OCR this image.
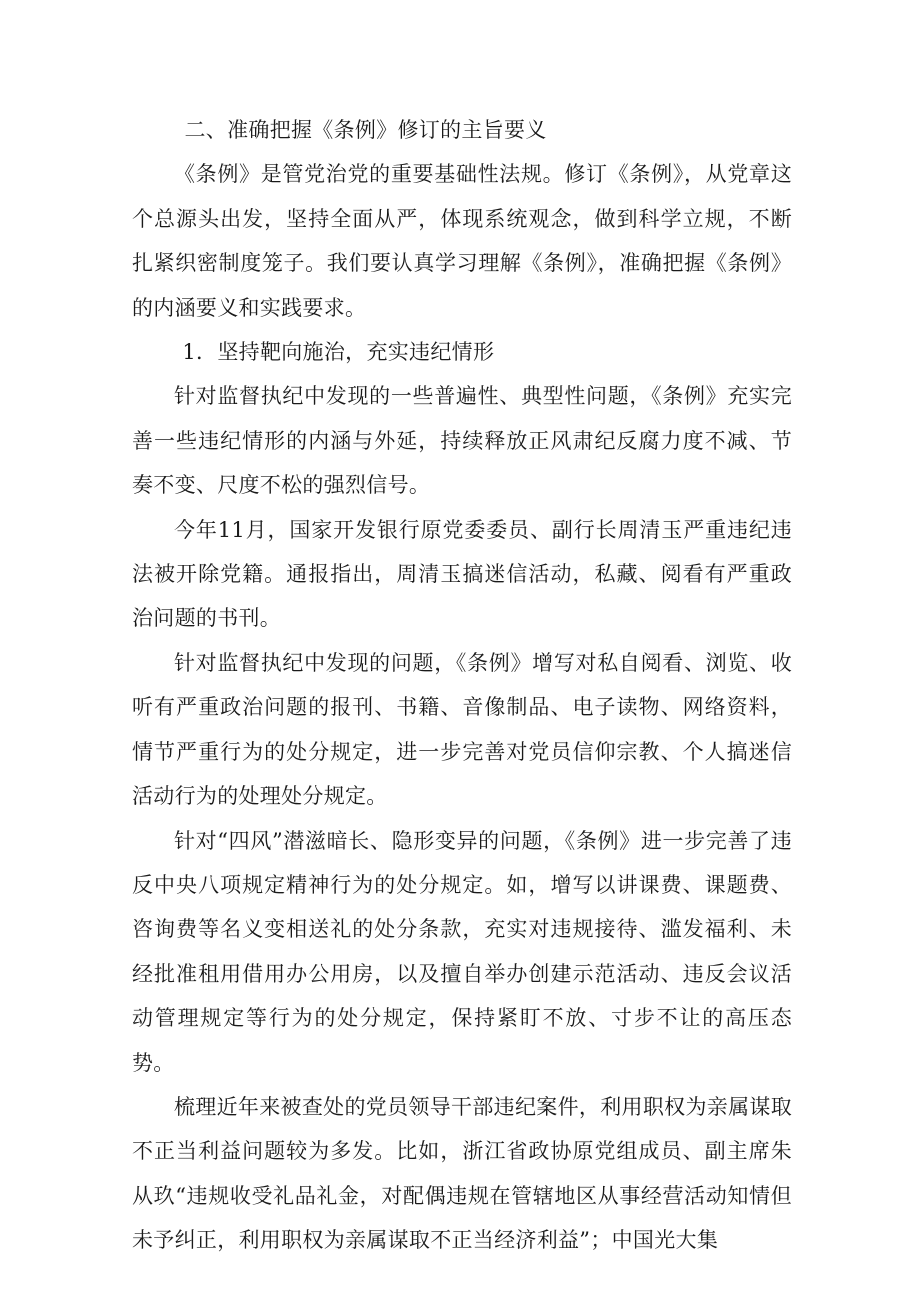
二、准确把握《条例》修订的主旨要义

《条例》是管党治党的重要基础性法规。修订《条例》，从党章这个总源头出发，坚持全面从严，体现系统观念，做到科学立规，不断扎紧织密制度笼子。我们要认真学习理解《条例》，准确把握《条例》的内涵要义和实践要求。

1．坚持靶向施治，充实违纪情形

针对监督执纪中发现的一些普遍性、典型性问题，《条例》充实完善一些违纪情形的内涵与外延，持续释放正风肃纪反腐力度不减、节奏不变、尺度不松的强烈信号。

今年11月，国家开发银行原党委委员、副行长周清玉严重违纪违法被开除党籍。通报指出，周清玉搞迷信活动，私藏、阅看有严重政治问题的书刊。

针对监督执纪中发现的问题，《条例》增写对私自阅看、浏览、收听有严重政治问题的报刊、书籍、音像制品、电子读物、网络资料，情节严重行为的处分规定，进一步完善对党员信仰宗教、个人搞迷信活动行为的处理处分规定。

针对“四风”潜滋暗长、隐形变异的问题，《条例》进一步完善了违反中央八项规定精神行为的处分规定。如，增写以讲课费、课题费、咨询费等名义变相送礼的处分条款，充实对违规接待、滥发福利、未经批准租用借用办公用房，以及擅自举办创建示范活动、违反会议活动管理规定等行为的处分规定，保持紧盯不放、寸步不让的高压态势。

梳理近年来被查处的党员领导干部违纪案件，利用职权为亲属谋取不正当利益问题较为多发。比如，浙江省政协原党组成员、副主席朱从玖“违规收受礼品礼金，对配偶违规在管辖地区从事经营活动知情但未予纠正，利用职权为亲属谋取不正当经济利益”；中国光大集
